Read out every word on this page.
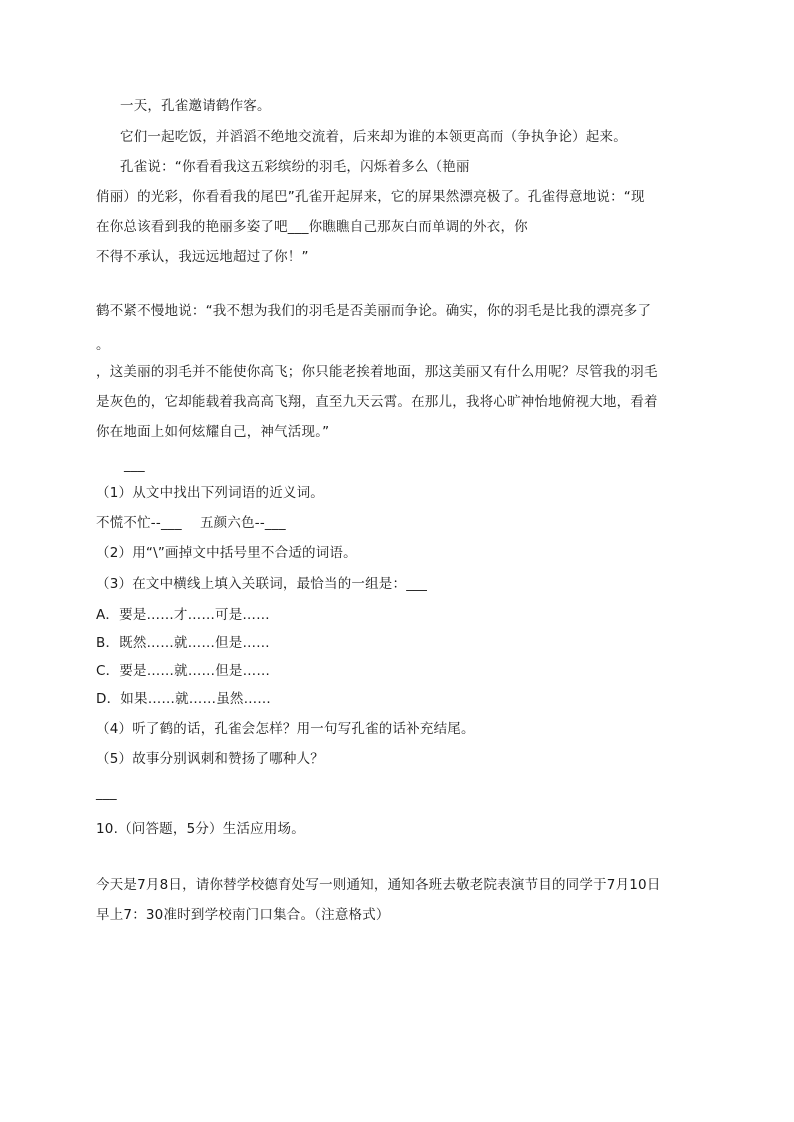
一天，孔雀邀请鹤作客。
它们一起吃饭，并滔滔不绝地交流着，后来却为谁的本领更高而（争执争论）起来。
孔雀说：“你看看我这五彩缤纷的羽毛，闪烁着多么（艳丽
俏丽）的光彩，你看看我的尾巴”孔雀开起屏来，它的屏果然漂亮极了。孔雀得意地说：“现
在你总该看到我的艳丽多姿了吧___你瞧瞧自己那灰白而单调的外衣，你
不得不承认，我远远地超过了你！”
鹤不紧不慢地说：“我不想为我们的羽毛是否美丽而争论。确实，你的羽毛是比我的漂亮多了
。
，这美丽的羽毛并不能使你高飞；你只能老挨着地面，那这美丽又有什么用呢？尽管我的羽毛
是灰色的，它却能载着我高高飞翔，直至九天云霄。在那儿，我将心旷神怡地俯视大地，看着
你在地面上如何炫耀自己，神气活现。”
___
（1）从文中找出下列词语的近义词。
不慌不忙--___　 五颜六色--___
（2）用“\”画掉文中括号里不合适的词语。
（3）在文中横线上填入关联词，最恰当的一组是：___
A．要是……才……可是……
B．既然……就……但是……
C．要是……就……但是……
D．如果……就……虽然……
（4）听了鹤的话，孔雀会怎样？用一句写孔雀的话补充结尾。
（5）故事分别讽刺和赞扬了哪种人？
___
10.（问答题，5分）生活应用场。
今天是7月8日，请你替学校德育处写一则通知，通知各班去敬老院表演节目的同学于7月10日
早上7：30准时到学校南门口集合。（注意格式）
